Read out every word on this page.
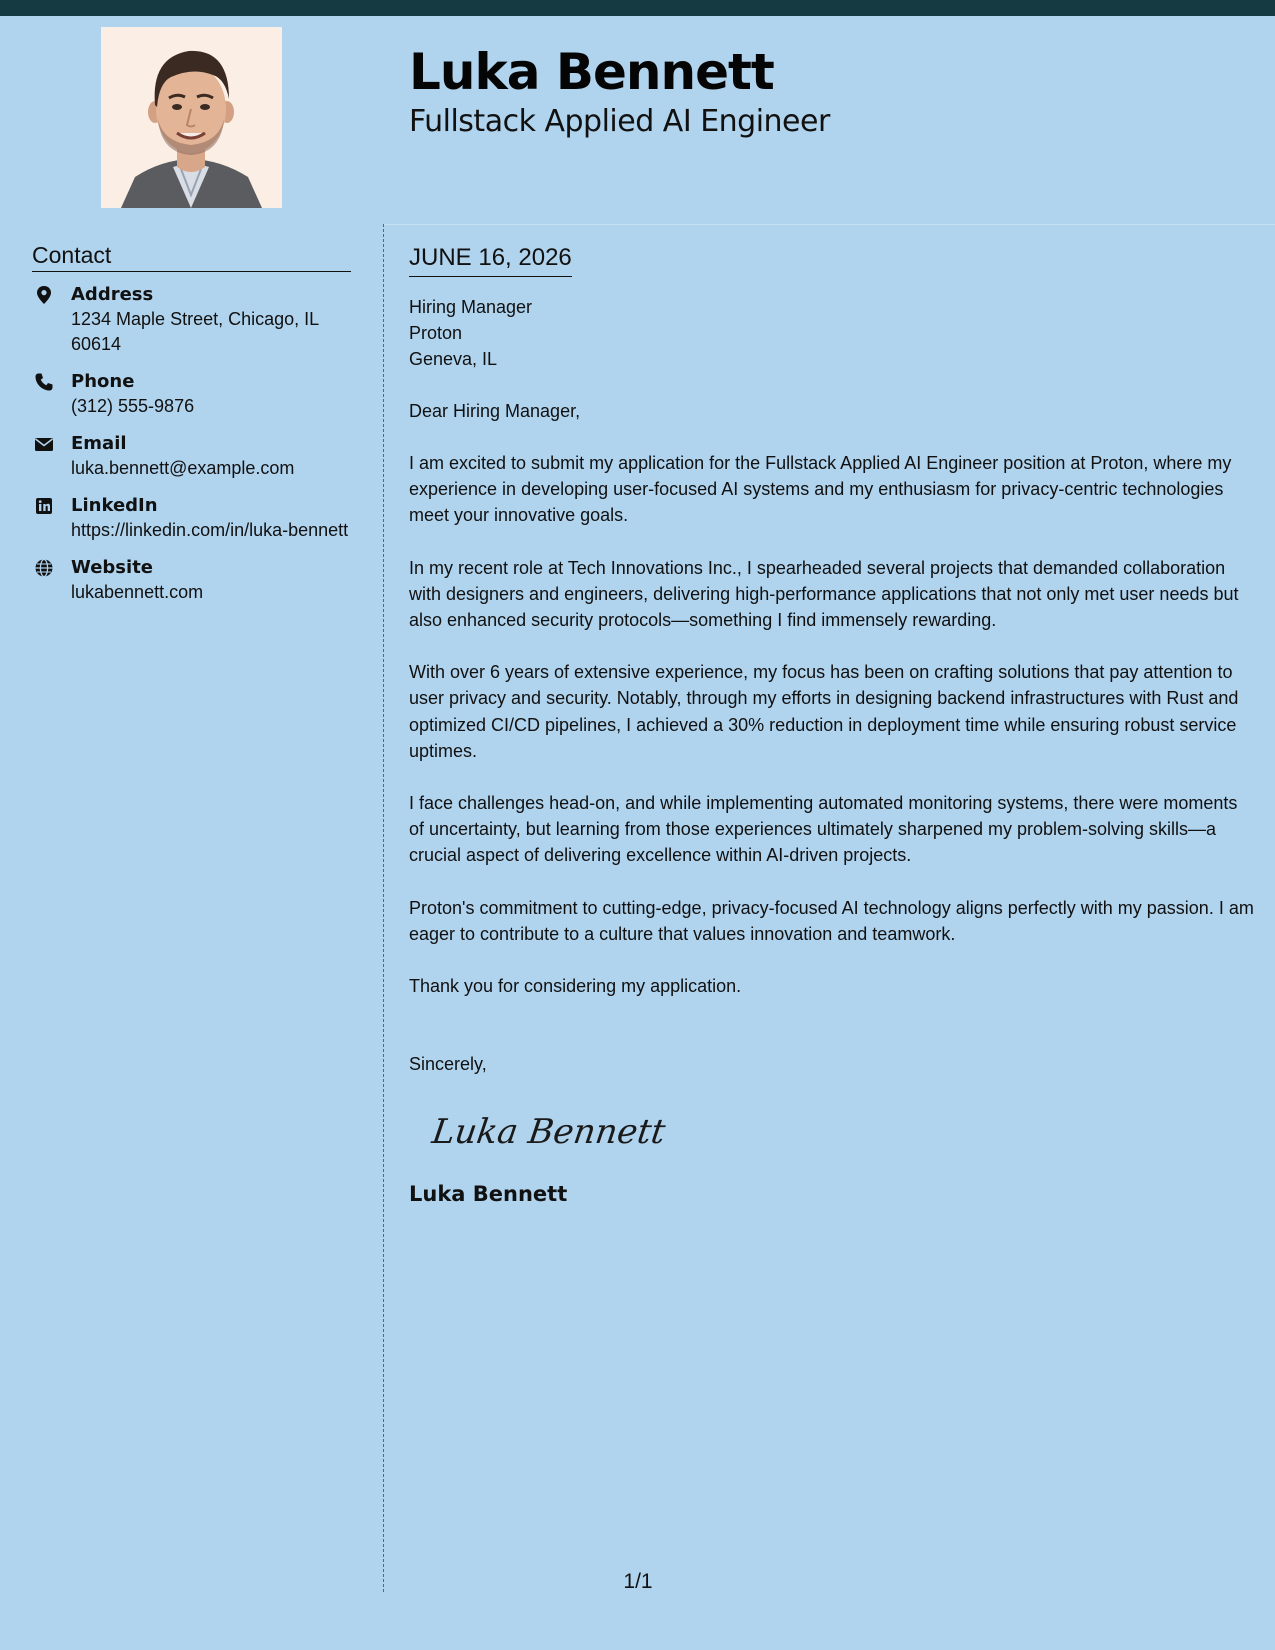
Luka Bennett
Fullstack Applied AI Engineer
Contact
Address
1234 Maple Street, Chicago, IL 60614
Phone
(312) 555-9876
Email
luka.bennett@example.com
LinkedIn
https://linkedin.com/in/luka-bennett
Website
lukabennett.com
JUNE 16, 2026
Hiring Manager
Proton
Geneva, IL

Dear Hiring Manager,

I am excited to submit my application for the Fullstack Applied AI Engineer position at Proton, where my experience in developing user-focused AI systems and my enthusiasm for privacy-centric technologies meet your innovative goals.

In my recent role at Tech Innovations Inc., I spearheaded several projects that demanded collaboration with designers and engineers, delivering high-performance applications that not only met user needs but also enhanced security protocols—something I find immensely rewarding.

With over 6 years of extensive experience, my focus has been on crafting solutions that pay attention to user privacy and security. Notably, through my efforts in designing backend infrastructures with Rust and optimized CI/CD pipelines, I achieved a 30% reduction in deployment time while ensuring robust service uptimes.

I face challenges head-on, and while implementing automated monitoring systems, there were moments of uncertainty, but learning from those experiences ultimately sharpened my problem-solving skills—a crucial aspect of delivering excellence within AI-driven projects.

Proton's commitment to cutting-edge, privacy-focused AI technology aligns perfectly with my passion. I am eager to contribute to a culture that values innovation and teamwork.

Thank you for considering my application.

Sincerely,

Luka Bennett

Luka Bennett

1/1
